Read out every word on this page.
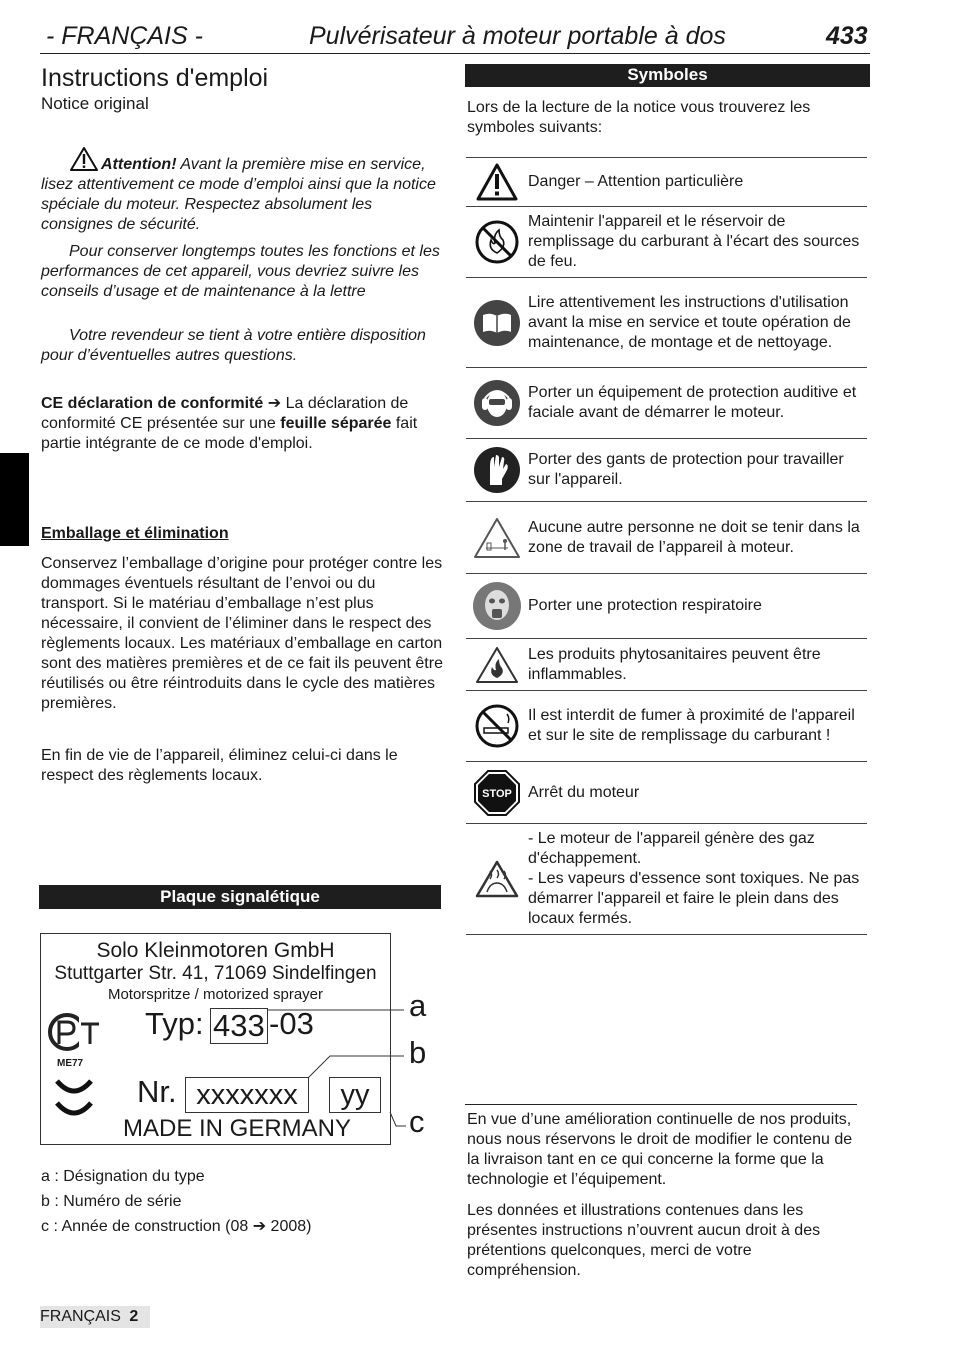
- FRANÇAIS -	Pulvérisateur à moteur portable à dos	433
Instructions d'emploi
Notice original
Attention! Avant la première mise en service, lisez attentivement ce mode d’emploi ainsi que la notice spéciale du moteur. Respectez absolument les consignes de sécurité.
Pour conserver longtemps toutes les fonctions et les performances de cet appareil, vous devriez suivre les conseils d’usage et de maintenance à la lettre
Votre revendeur se tient à votre entière disposition pour d’éventuelles autres questions.
CE déclaration de conformité ➔ La déclaration de conformité CE présentée sur une feuille séparée fait partie intégrante de ce mode d'emploi.
Emballage et élimination
Conservez l’emballage d’origine pour protéger contre les dommages éventuels résultant de l’envoi ou du transport. Si le matériau d’emballage n’est plus nécessaire, il convient de l’éliminer dans le respect des règlements locaux. Les matériaux d’emballage en carton sont des matières premières et de ce fait ils peuvent être réutilisés ou être réintroduits dans le cycle des matières premières.
En fin de vie de l’appareil, éliminez celui-ci dans le respect des règlements locaux.
Plaque signalétique
Solo Kleinmotoren GmbH
Stuttgarter Str. 41, 71069 Sindelfingen
Motorspritze / motorized sprayer
ME77
Typ: 433 -03
Nr. xxxxxxx	yy
MADE IN GERMANY
a
b
c
a : Désignation du type
b : Numéro de série
c : Année de construction (08 ➔ 2008)
Symboles
Lors de la lecture de la notice vous trouverez les symboles suivants:
Danger – Attention particulière
Maintenir l'appareil et le réservoir de remplissage du carburant à l'écart des sources de feu.
Lire attentivement les instructions d'utilisation avant la mise en service et toute opération de maintenance, de montage et de nettoyage.
Porter un équipement de protection auditive et faciale avant de démarrer le moteur.
Porter des gants de protection pour travailler sur l'appareil.
Aucune autre personne ne doit se tenir dans la zone de travail de l’appareil à moteur.
Porter une protection respiratoire
Les produits phytosanitaires peuvent être inflammables.
Il est interdit de fumer à proximité de l'appareil et sur le site de remplissage du carburant !
STOP Arrêt du moteur
- Le moteur de l'appareil génère des gaz d'échappement.
- Les vapeurs d'essence sont toxiques. Ne pas démarrer l'appareil et faire le plein dans des locaux fermés.
En vue d’une amélioration continuelle de nos produits, nous nous réservons le droit de modifier le contenu de la livraison tant en ce qui concerne la forme que la technologie et l’équipement.
Les données et illustrations contenues dans les présentes instructions n’ouvrent aucun droit à des prétentions quelconques, merci de votre compréhension.
FRANÇAIS 2
